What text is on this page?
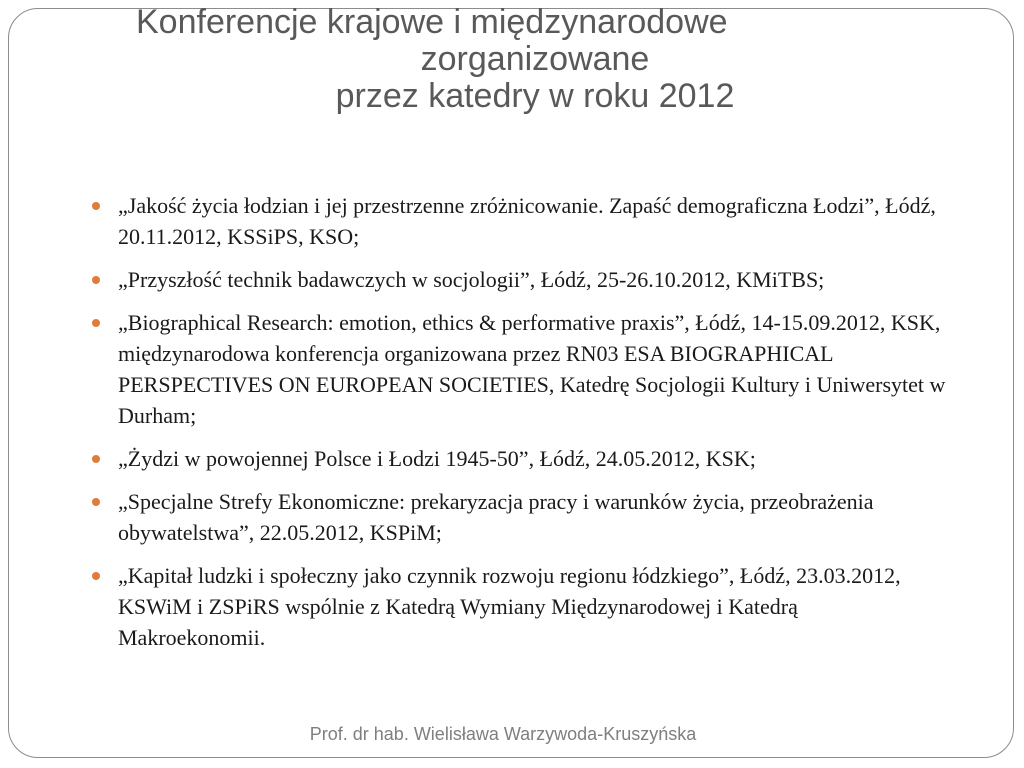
Konferencje krajowe i międzynarodowe
zorganizowane
przez katedry w roku 2012
„Jakość życia łodzian i jej przestrzenne zróżnicowanie. Zapaść demograficzna Łodzi”, Łódź, 20.11.2012, KSSiPS, KSO;
„Przyszłość technik badawczych w socjologii”, Łódź, 25-26.10.2012, KMiTBS;
„Biographical Research: emotion, ethics & performative praxis”, Łódź, 14-15.09.2012, KSK, międzynarodowa konferencja organizowana przez RN03 ESA BIOGRAPHICAL PERSPECTIVES ON EUROPEAN SOCIETIES, Katedrę Socjologii Kultury i Uniwersytet w Durham;
„Żydzi w powojennej Polsce i Łodzi 1945-50”, Łódź, 24.05.2012, KSK;
„Specjalne Strefy Ekonomiczne: prekaryzacja pracy i warunków życia, przeobrażenia obywatelstwa”, 22.05.2012, KSPiM;
„Kapitał ludzki i społeczny jako czynnik rozwoju regionu łódzkiego”, Łódź, 23.03.2012, KSWiM i ZSPiRS wspólnie z Katedrą Wymiany Międzynarodowej i Katedrą Makroekonomii.
Prof. dr hab. Wielisława Warzywoda-Kruszyńska
